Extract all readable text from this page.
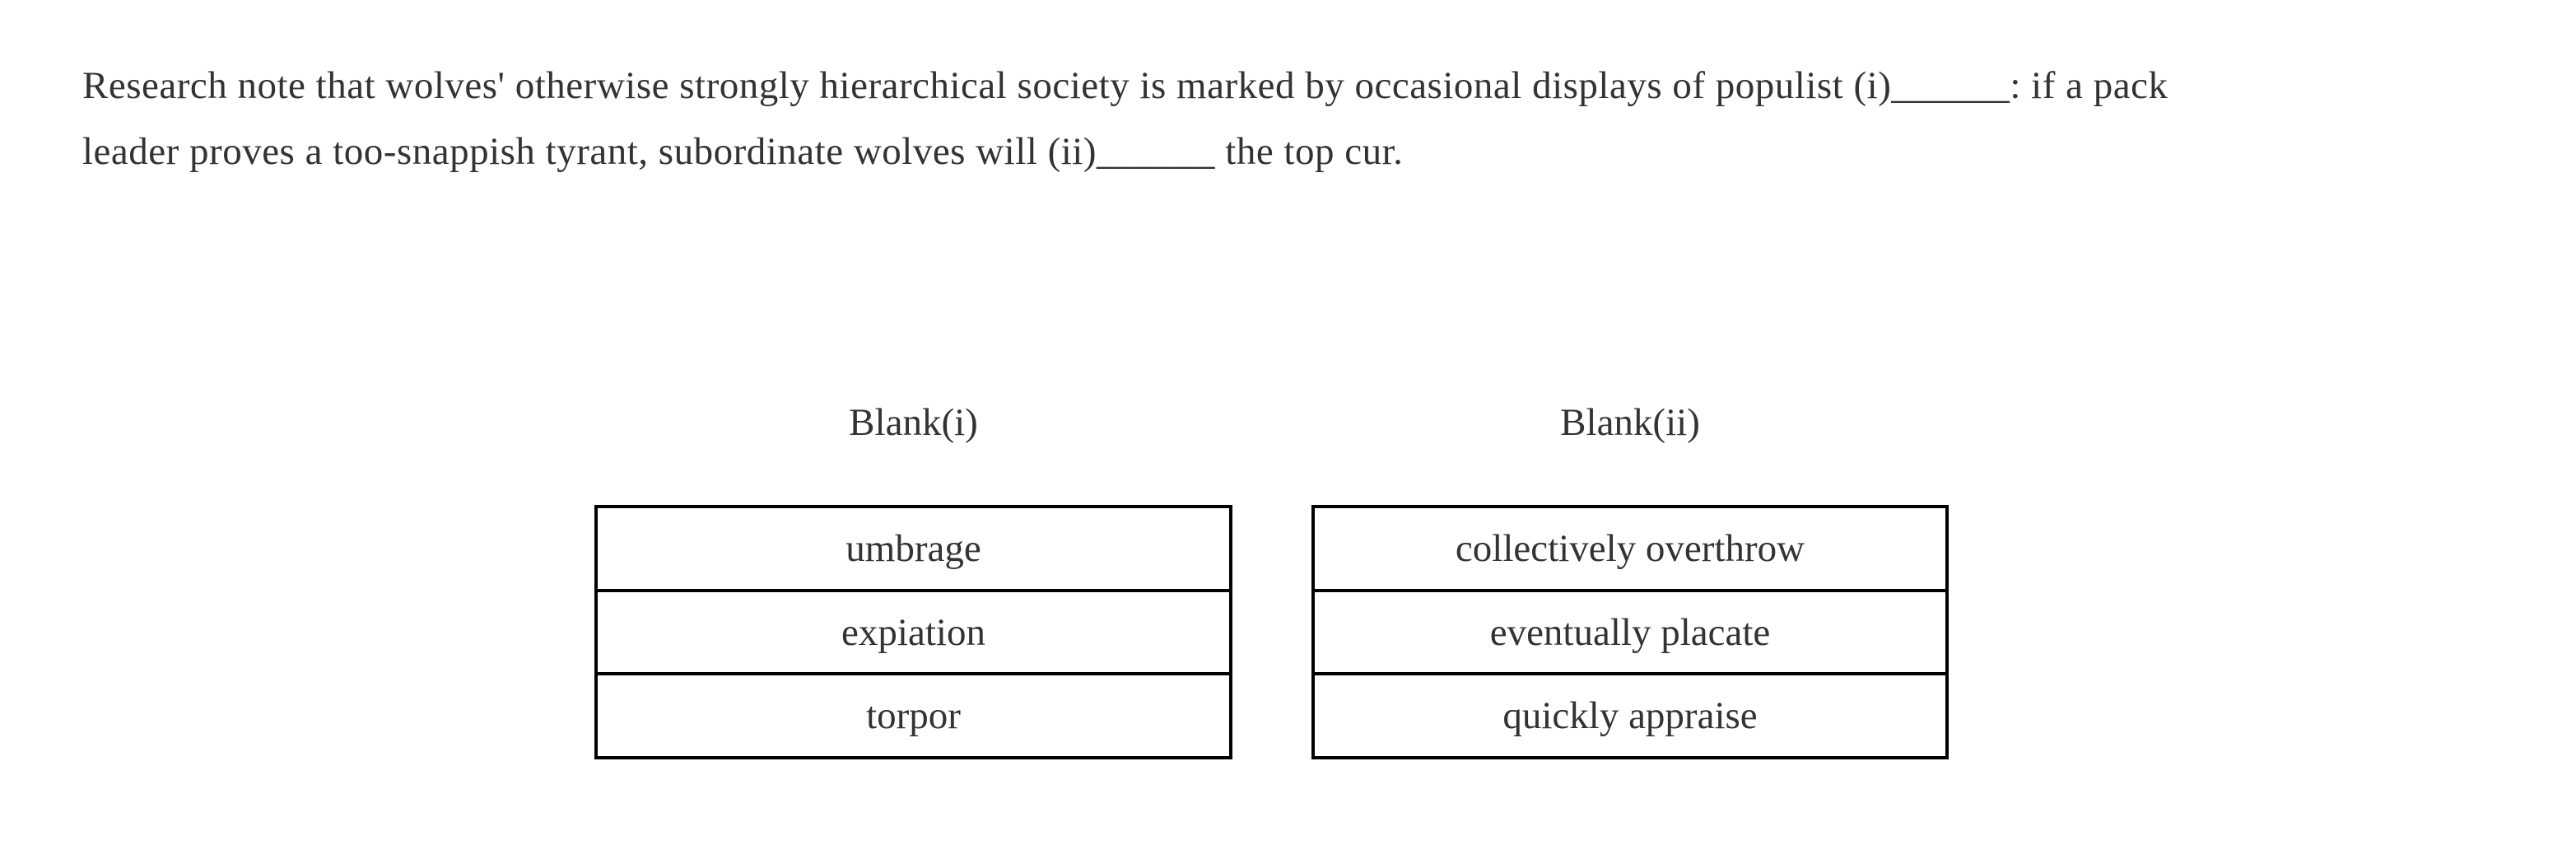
Research note that wolves' otherwise strongly hierarchical society is marked by occasional displays of populist (i)______: if a pack
leader proves a too-snappish tyrant, subordinate wolves will (ii)______ the top cur.
Blank(i)	Blank(ii)
umbrage
expiation
torpor
collectively overthrow
eventually placate
quickly appraise
